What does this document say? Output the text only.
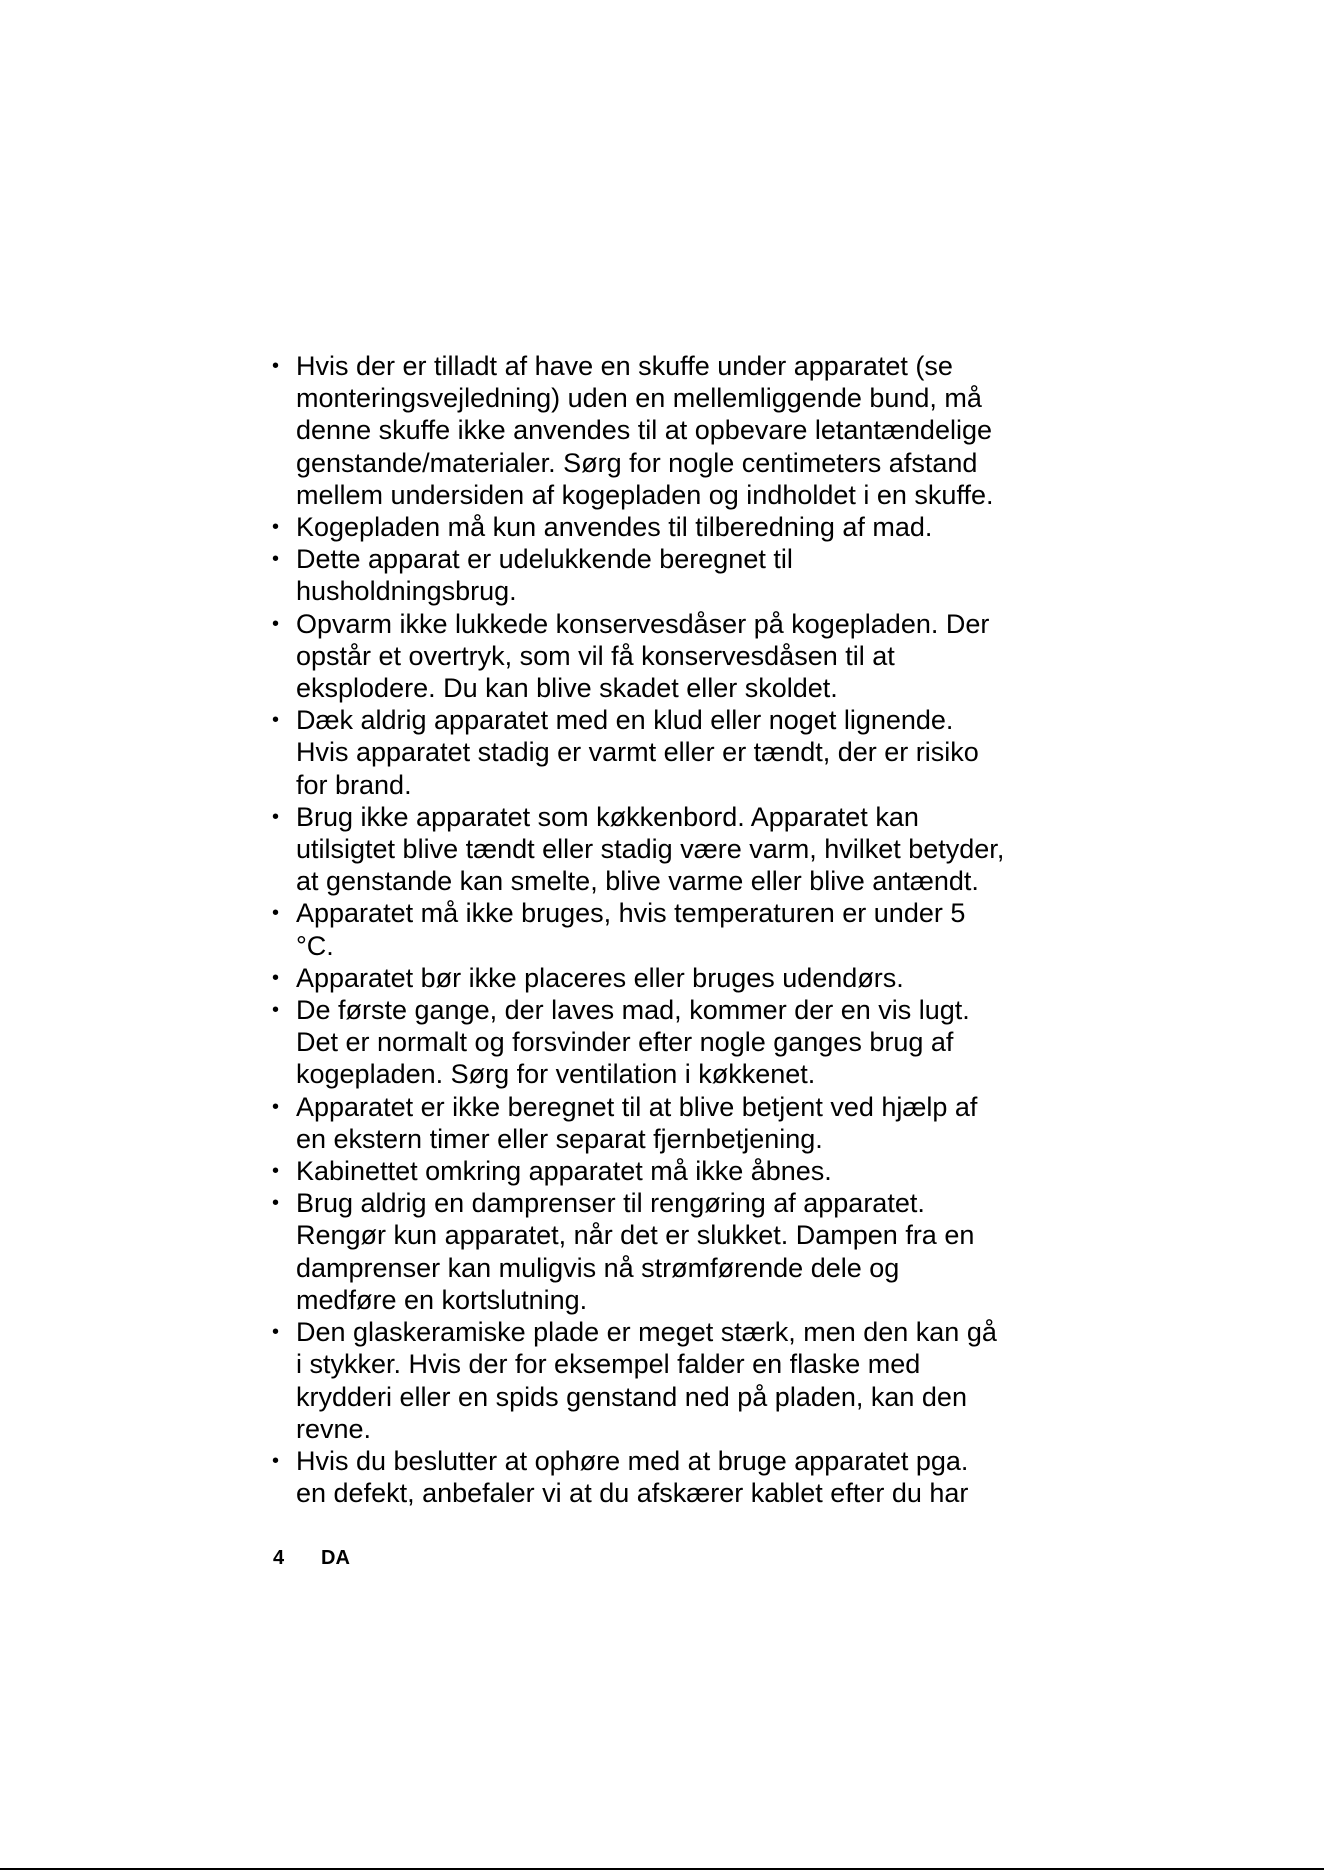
• Hvis der er tilladt af have en skuffe under apparatet (se
monteringsvejledning) uden en mellemliggende bund, må
denne skuffe ikke anvendes til at opbevare letantændelige
genstande/materialer. Sørg for nogle centimeters afstand
mellem undersiden af kogepladen og indholdet i en skuffe.
• Kogepladen må kun anvendes til tilberedning af mad.
• Dette apparat er udelukkende beregnet til
husholdningsbrug.
• Opvarm ikke lukkede konservesdåser på kogepladen. Der
opstår et overtryk, som vil få konservesdåsen til at
eksplodere. Du kan blive skadet eller skoldet.
• Dæk aldrig apparatet med en klud eller noget lignende.
Hvis apparatet stadig er varmt eller er tændt, der er risiko
for brand.
• Brug ikke apparatet som køkkenbord. Apparatet kan
utilsigtet blive tændt eller stadig være varm, hvilket betyder,
at genstande kan smelte, blive varme eller blive antændt.
• Apparatet må ikke bruges, hvis temperaturen er under 5
°C.
• Apparatet bør ikke placeres eller bruges udendørs.
• De første gange, der laves mad, kommer der en vis lugt.
Det er normalt og forsvinder efter nogle ganges brug af
kogepladen. Sørg for ventilation i køkkenet.
• Apparatet er ikke beregnet til at blive betjent ved hjælp af
en ekstern timer eller separat fjernbetjening.
• Kabinettet omkring apparatet må ikke åbnes.
• Brug aldrig en damprenser til rengøring af apparatet.
Rengør kun apparatet, når det er slukket. Dampen fra en
damprenser kan muligvis nå strømførende dele og
medføre en kortslutning.
• Den glaskeramiske plade er meget stærk, men den kan gå
i stykker. Hvis der for eksempel falder en flaske med
krydderi eller en spids genstand ned på pladen, kan den
revne.
• Hvis du beslutter at ophøre med at bruge apparatet pga.
en defekt, anbefaler vi at du afskærer kablet efter du har
4 DA
